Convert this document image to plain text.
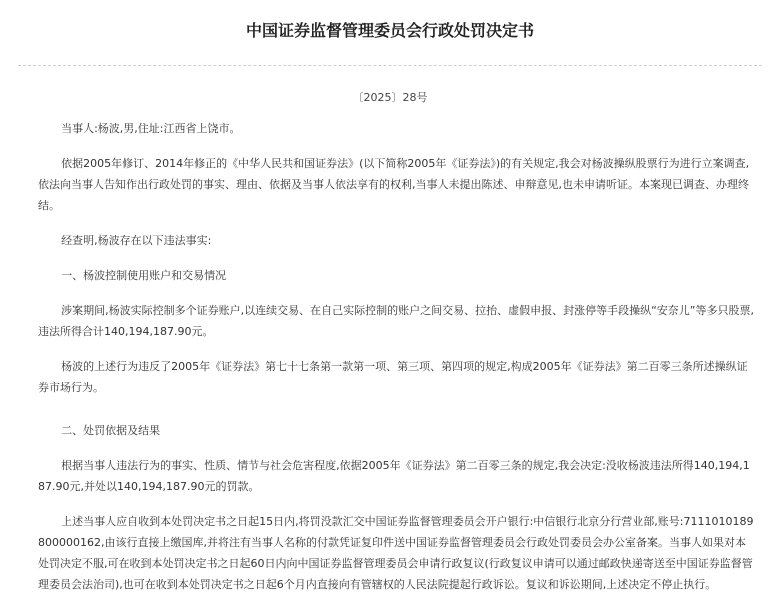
中国证券监督管理委员会行政处罚决定书
〔2025〕28号

当事人:杨波,男,住址:江西省上饶市。

依据2005年修订、2014年修正的《中华人民共和国证券法》(以下简称2005年《证券法》)的有关规定,我会对杨波操纵股票行为进行立案调查,依法向当事人告知作出行政处罚的事实、理由、依据及当事人依法享有的权利,当事人未提出陈述、申辩意见,也未申请听证。本案现已调查、办理终结。

经查明,杨波存在以下违法事实:

一、杨波控制使用账户和交易情况

涉案期间,杨波实际控制多个证券账户,以连续交易、在自己实际控制的账户之间交易、拉抬、虚假申报、封涨停等手段操纵“安奈儿”等多只股票,违法所得合计140,194,187.90元。

杨波的上述行为违反了2005年《证券法》第七十七条第一款第一项、第三项、第四项的规定,构成2005年《证券法》第二百零三条所述操纵证券市场行为。

二、处罚依据及结果

根据当事人违法行为的事实、性质、情节与社会危害程度,依据2005年《证券法》第二百零三条的规定,我会决定:没收杨波违法所得140,194,187.90元,并处以140,194,187.90元的罚款。

上述当事人应自收到本处罚决定书之日起15日内,将罚没款汇交中国证券监督管理委员会开户银行:中信银行北京分行营业部,账号:7111010189800000162,由该行直接上缴国库,并将注有当事人名称的付款凭证复印件送中国证券监督管理委员会行政处罚委员会办公室备案。当事人如果对本处罚决定不服,可在收到本处罚决定书之日起60日内向中国证券监督管理委员会申请行政复议(行政复议申请可以通过邮政快递寄送至中国证券监督管理委员会法治司),也可在收到本处罚决定书之日起6个月内直接向有管辖权的人民法院提起行政诉讼。复议和诉讼期间,上述决定不停止执行。
